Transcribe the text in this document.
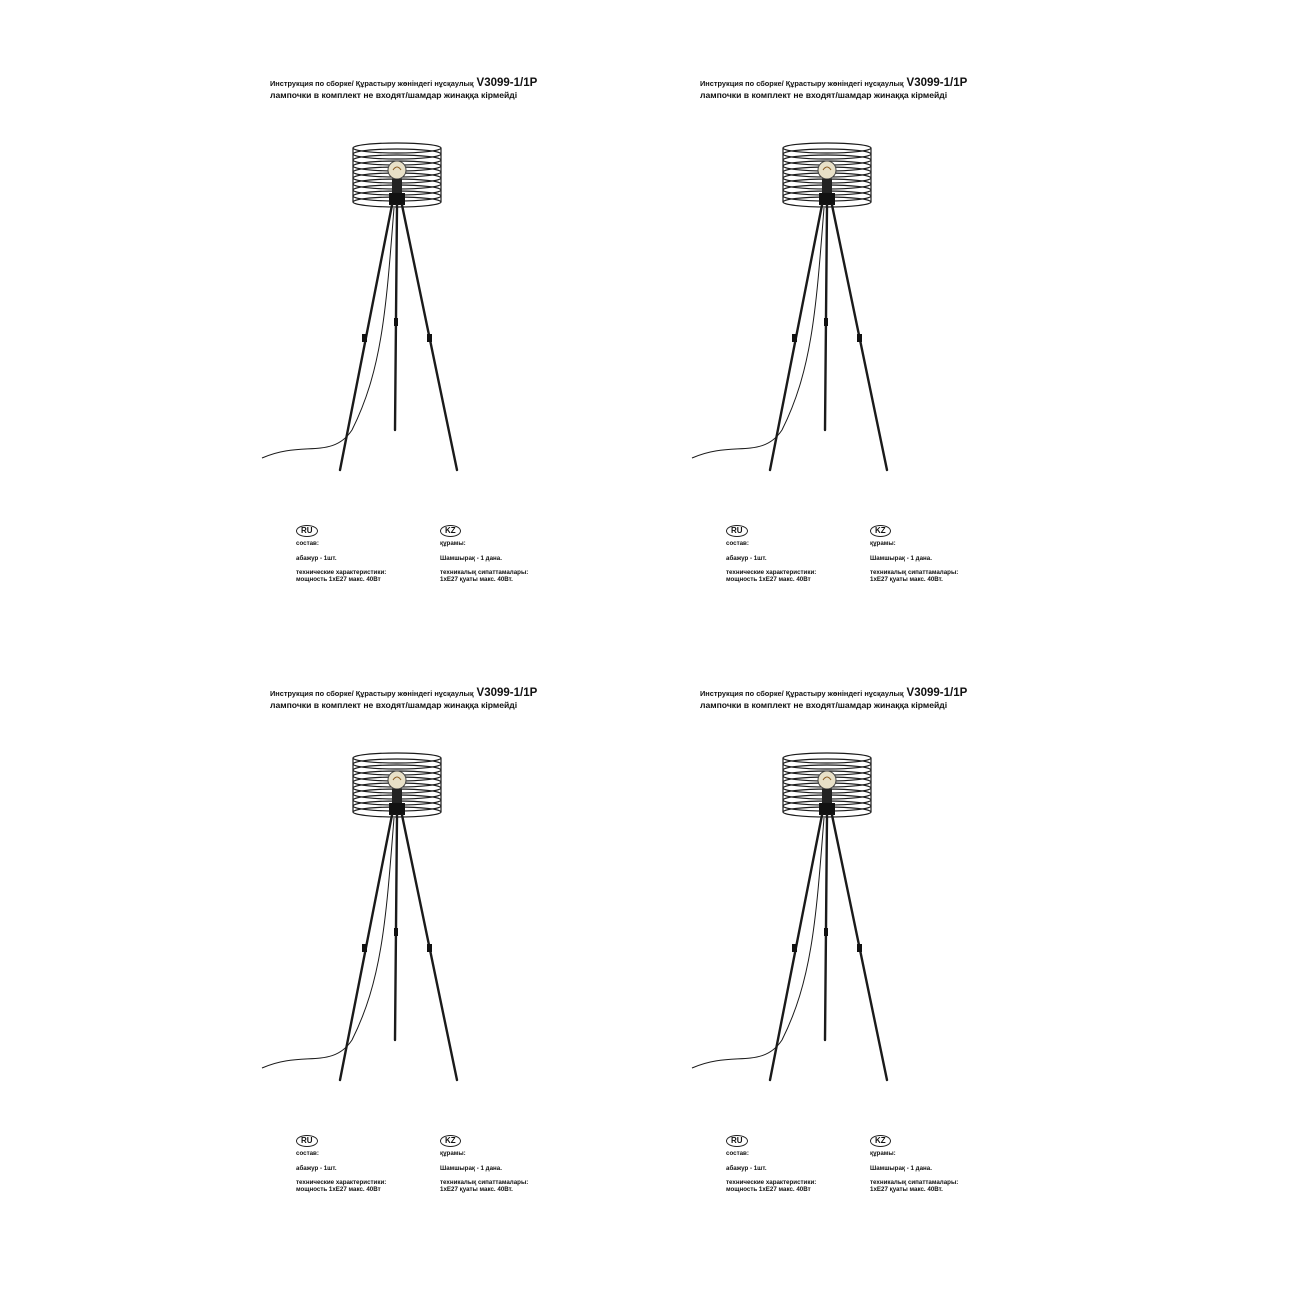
Инструкция по сборке/ Құрастыру жөніндегі нұсқаулық V3099-1/1P
лампочки в комплект не входят/шамдар жинаққа кірмейді
RU
состав:
абажур - 1шт.
технические характеристики:
мощность 1хЕ27 макс. 40Вт
KZ
құрамы:
Шамшырақ - 1 дана.
техникалық сипаттамалары:
1хЕ27 қуаты макс. 40Вт.
Инструкция по сборке/ Құрастыру жөніндегі нұсқаулық V3099-1/1P
лампочки в комплект не входят/шамдар жинаққа кірмейді
RU
состав:
абажур - 1шт.
технические характеристики:
мощность 1хЕ27 макс. 40Вт
KZ
құрамы:
Шамшырақ - 1 дана.
техникалық сипаттамалары:
1хЕ27 қуаты макс. 40Вт.
Инструкция по сборке/ Құрастыру жөніндегі нұсқаулық V3099-1/1P
лампочки в комплект не входят/шамдар жинаққа кірмейді
RU
состав:
абажур - 1шт.
технические характеристики:
мощность 1хЕ27 макс. 40Вт
KZ
құрамы:
Шамшырақ - 1 дана.
техникалық сипаттамалары:
1хЕ27 қуаты макс. 40Вт.
Инструкция по сборке/ Құрастыру жөніндегі нұсқаулық V3099-1/1P
лампочки в комплект не входят/шамдар жинаққа кірмейді
RU
состав:
абажур - 1шт.
технические характеристики:
мощность 1хЕ27 макс. 40Вт
KZ
құрамы:
Шамшырақ - 1 дана.
техникалық сипаттамалары:
1хЕ27 қуаты макс. 40Вт.
